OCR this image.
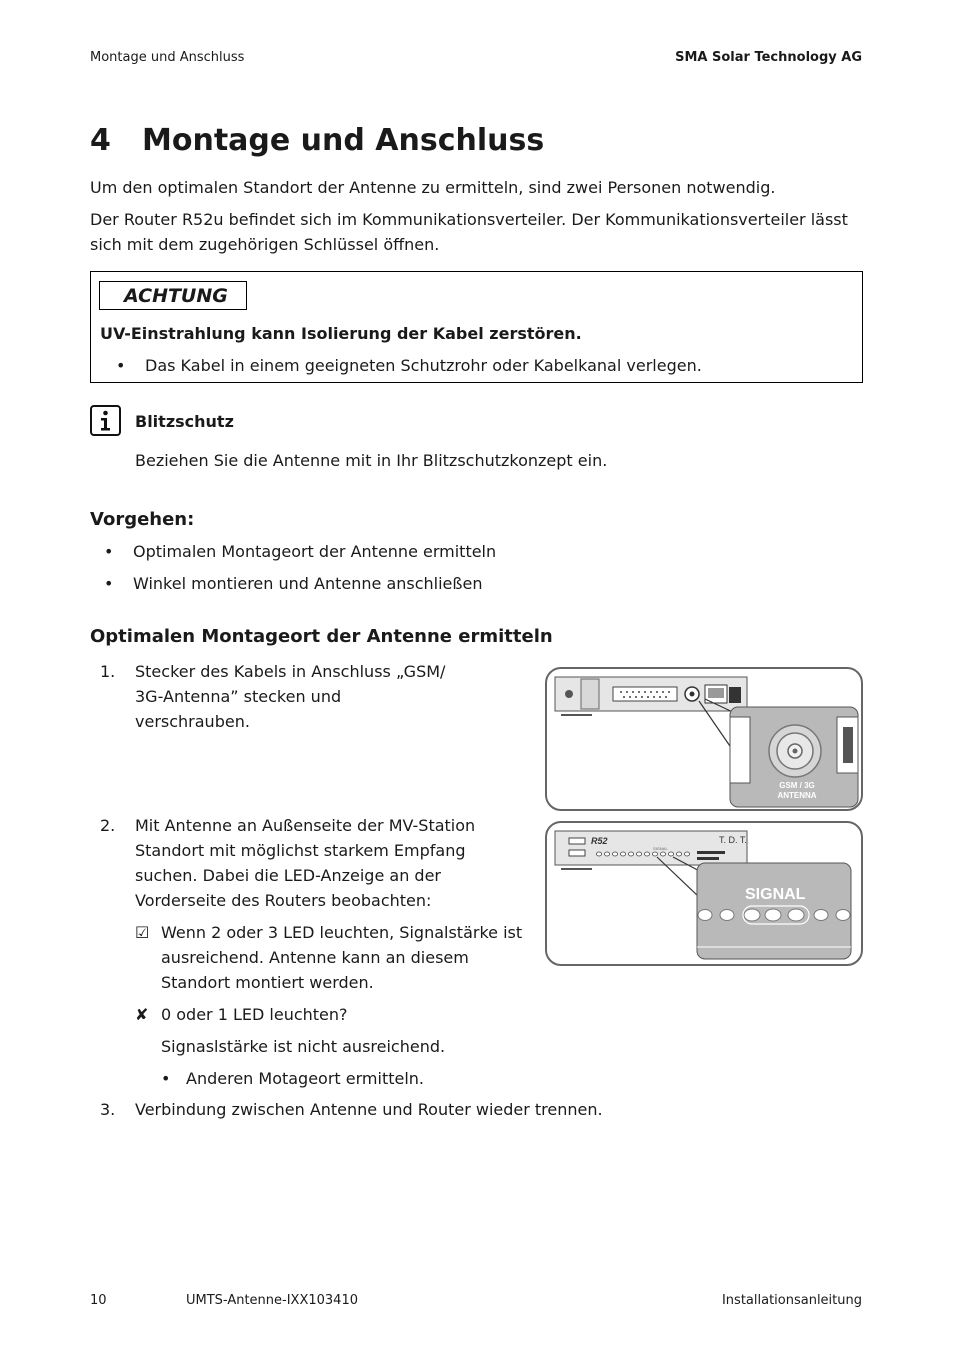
Montage und Anschluss	SMA Solar Technology AG
4 Montage und Anschluss
Um den optimalen Standort der Antenne zu ermitteln, sind zwei Personen notwendig.
Der Router R52u befindet sich im Kommunikationsverteiler. Der Kommunikationsverteiler lässt sich mit dem zugehörigen Schlüssel öffnen.
ACHTUNG
UV-Einstrahlung kann Isolierung der Kabel zerstören.
• Das Kabel in einem geeigneten Schutzrohr oder Kabelkanal verlegen.
Blitzschutz
Beziehen Sie die Antenne mit in Ihr Blitzschutzkonzept ein.
Vorgehen:
• Optimalen Montageort der Antenne ermitteln
• Winkel montieren und Antenne anschließen
Optimalen Montageort der Antenne ermitteln
1. Stecker des Kabels in Anschluss „GSM/ 3G-Antenna” stecken und verschrauben.
2. Mit Antenne an Außenseite der MV-Station Standort mit möglichst starkem Empfang suchen. Dabei die LED-Anzeige an der Vorderseite des Routers beobachten:
☑ Wenn 2 oder 3 LED leuchten, Signalstärke ist ausreichend. Antenne kann an diesem Standort montiert werden.
✘ 0 oder 1 LED leuchten?
Signaslstärke ist nicht ausreichend.
• Anderen Motageort ermitteln.
3. Verbindung zwischen Antenne und Router wieder trennen.
GSM / 3G
ANTENNA
R52	T. D. T.
SIGNAL
SIGNAL
10	UMTS-Antenne-IXX103410	Installationsanleitung
